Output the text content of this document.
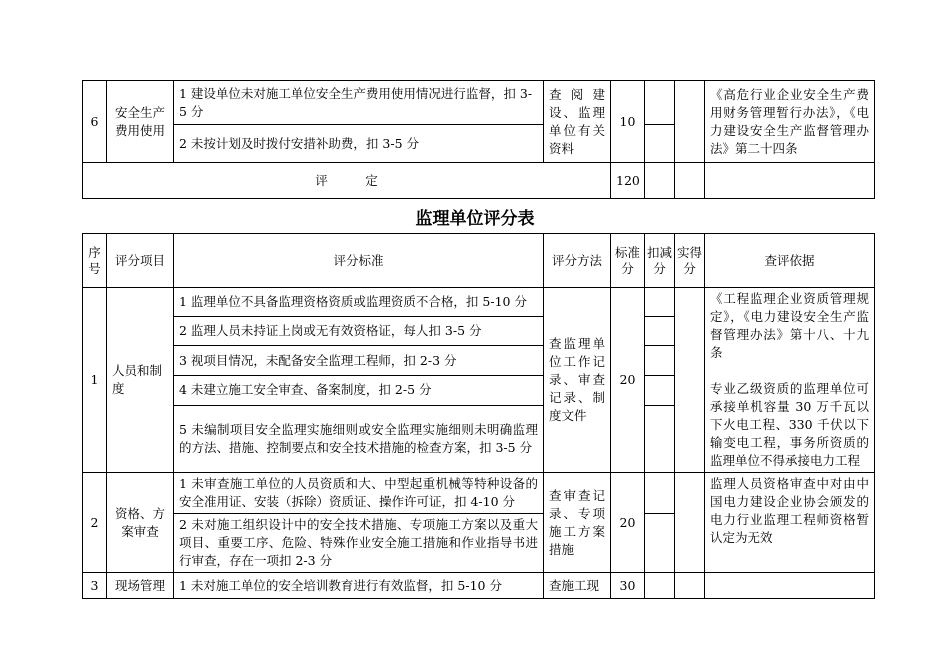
6	安全生产费用使用	1 建设单位未对施工单位安全生产费用使用情况进行监督，扣 3-5 分	查阅建设、监理单位有关资料	10			《高危行业企业安全生产费用财务管理暂行办法》，《电力建设安全生产监督管理办法》第二十四条
		2 未按计划及时拨付安措补助费，扣 3-5 分					
评　　　定				120			
监理单位评分表
序号	评分项目	评分标准	评分方法	标准分	扣减分	实得分	查评依据
1	人员和制度	1 监理单位不具备监理资格资质或监理资质不合格，扣 5-10 分	查监理单位工作记录、审查记录、制度文件	20			《工程监理企业资质管理规定》，《电力建设安全生产监督管理办法》第十八、十九条
专业乙级资质的监理单位可承接单机容量 30 万千瓦以下火电工程、330 千伏以下输变电工程，事务所资质的监理单位不得承接电力工程

		2 监理人员未持证上岗或无有效资格证，每人扣 3-5 分					
		3 视项目情况，未配备安全监理工程师，扣 2-3 分					
		4 未建立施工安全审查、备案制度，扣 2-5 分					
		5 未编制项目安全监理实施细则或安全监理实施细则未明确监理的方法、措施、控制要点和安全技术措施的检查方案，扣 3-5 分					
2	资格、方案审查	1 未审查施工单位的人员资质和大、中型起重机械等特种设备的安全准用证、安装（拆除）资质证、操作许可证，扣 4-10 分	查审查记录、专项施工方案措施	20			监理人员资格审查中对由中国电力建设企业协会颁发的电力行业监理工程师资格暂认定为无效
		2 未对施工组织设计中的安全技术措施、专项施工方案以及重大项目、重要工序、危险、特殊作业安全施工措施和作业指导书进行审查，存在一项扣 2-3 分					
3	现场管理	1 未对施工单位的安全培训教育进行有效监督，扣 5-10 分	查施工现	30			
